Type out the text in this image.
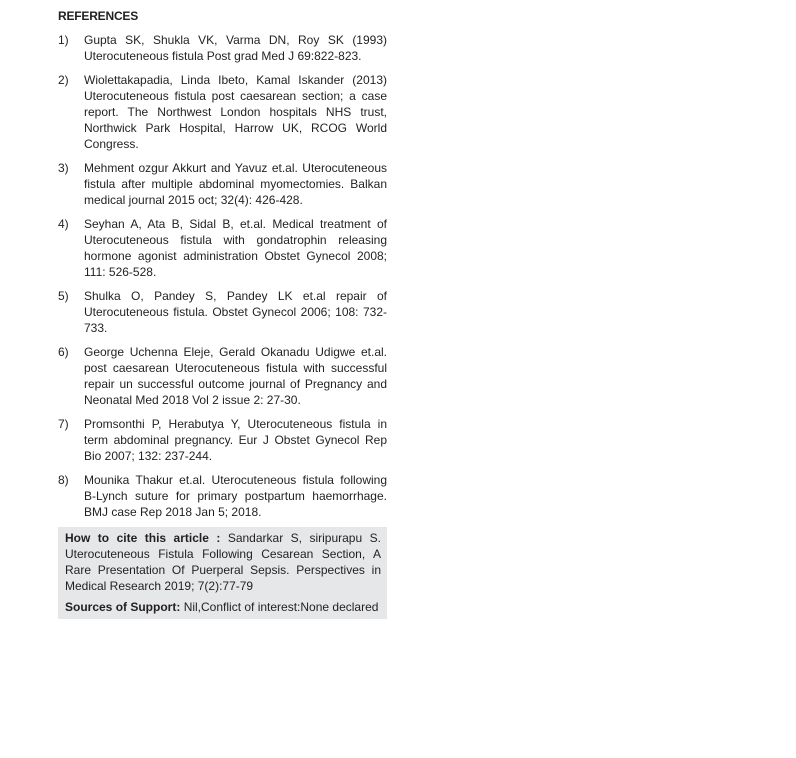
REFERENCES
1)	Gupta SK, Shukla VK, Varma DN, Roy SK (1993) Uterocuteneous fistula Post grad Med J 69:822-823.
2)	Wiolettakapadia, Linda Ibeto, Kamal Iskander (2013) Uterocuteneous fistula post caesarean section; a case report. The Northwest London hospitals NHS trust, Northwick Park Hospital, Harrow UK, RCOG World Congress.
3)	Mehment ozgur Akkurt and Yavuz et.al. Uterocuteneous fistula after multiple abdominal myomectomies. Balkan medical journal 2015 oct; 32(4): 426-428.
4)	Seyhan A, Ata B, Sidal B, et.al. Medical treatment of Uterocuteneous fistula with gondatrophin releasing hormone agonist administration Obstet Gynecol 2008; 111: 526-528.
5)	Shulka O, Pandey S, Pandey LK et.al repair of Uterocuteneous fistula. Obstet Gynecol 2006; 108: 732-733.
6)	George Uchenna Eleje, Gerald Okanadu Udigwe et.al. post caesarean Uterocuteneous fistula with successful repair un successful outcome journal of Pregnancy and Neonatal Med 2018 Vol 2 issue 2: 27-30.
7)	Promsonthi P, Herabutya Y, Uterocuteneous fistula in term abdominal pregnancy. Eur J Obstet Gynecol Rep Bio 2007; 132: 237-244.
8)	Mounika Thakur et.al. Uterocuteneous fistula following B-Lynch suture for primary postpartum haemorrhage. BMJ case Rep 2018 Jan 5; 2018.
How to cite this article : Sandarkar S, siripurapu S. Uterocuteneous Fistula Following Cesarean Section, A Rare Presentation Of Puerperal Sepsis. Perspectives in Medical Research 2019; 7(2):77-79
Sources of Support: Nil,Conflict of interest:None declared
